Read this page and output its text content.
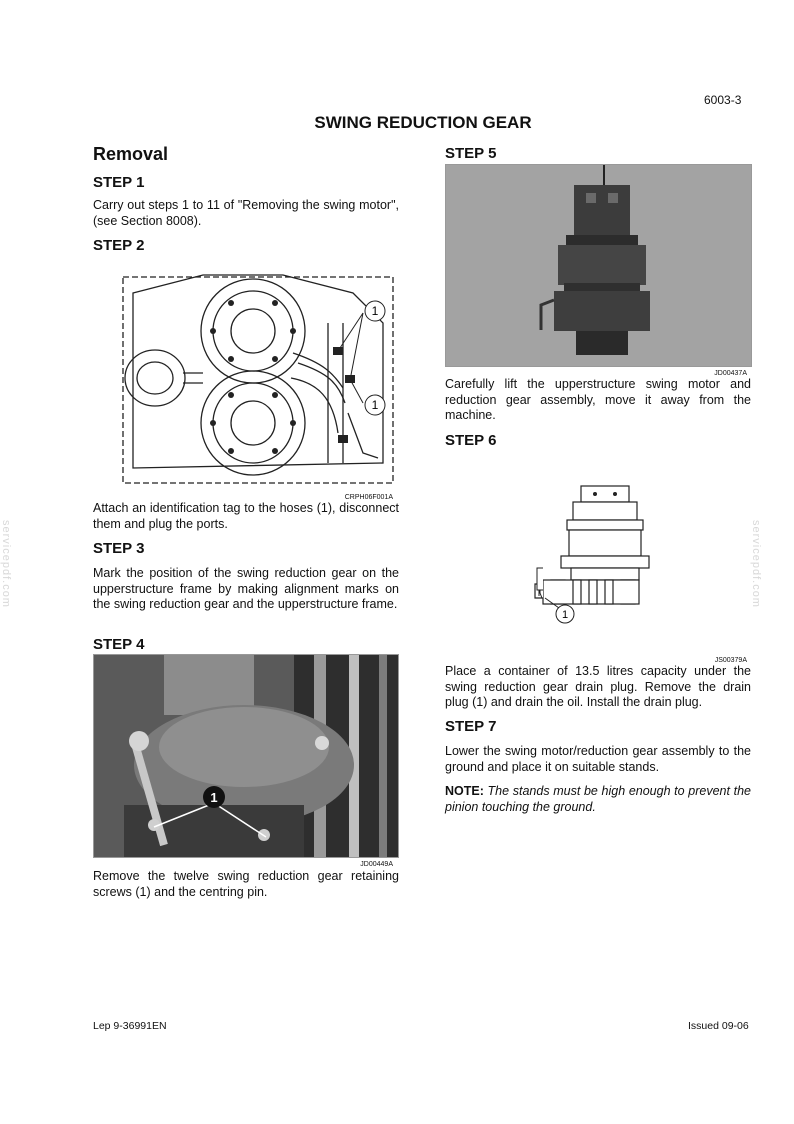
servicepdf.com	servicepdf.com
6003-3
SWING REDUCTION GEAR
Removal
STEP 1
Carry out steps 1 to 11 of "Removing the swing motor", (see Section 8008).
STEP 2
1
1
CRPH06F001A
Attach an identification tag to the hoses (1), disconnect them and plug the ports.
STEP 3
Mark the position of the swing reduction gear on the upperstructure frame by making alignment marks on the swing reduction gear and the upperstructure frame.
STEP 4
1
JD00449A
Remove the twelve swing reduction gear retaining screws (1) and the centring pin.
STEP 5
JD00437A
Carefully lift the upperstructure swing motor and reduction gear assembly, move it away from the machine.
STEP 6
1
JS00379A
Place a container of 13.5 litres capacity under the swing reduction gear drain plug. Remove the drain plug (1) and drain the oil. Install the drain plug.
STEP 7
Lower the swing motor/reduction gear assembly to the ground and place it on suitable stands.
NOTE: The stands must be high enough to prevent the pinion touching the ground.
Lep 9-36991EN	Issued 09-06
